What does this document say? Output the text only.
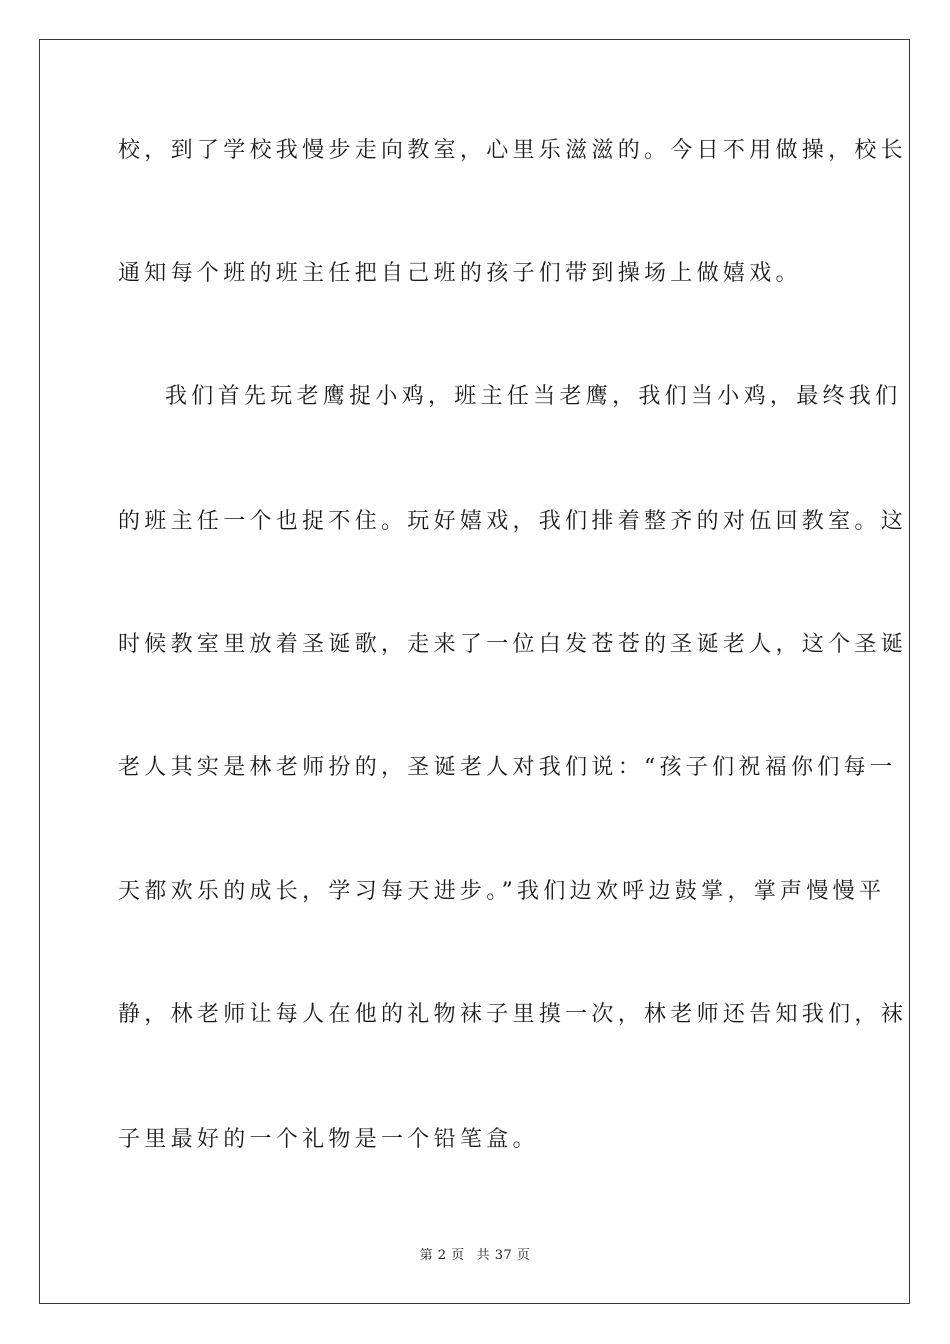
校，到了学校我慢步走向教室，心里乐滋滋的。今日不用做操，校长
通知每个班的班主任把自己班的孩子们带到操场上做嬉戏。
我们首先玩老鹰捉小鸡，班主任当老鹰，我们当小鸡，最终我们
的班主任一个也捉不住。玩好嬉戏，我们排着整齐的对伍回教室。这
时候教室里放着圣诞歌，走来了一位白发苍苍的圣诞老人，这个圣诞
老人其实是林老师扮的，圣诞老人对我们说：“孩子们祝福你们每一
天都欢乐的成长，学习每天进步。”我们边欢呼边鼓掌，掌声慢慢平
静，林老师让每人在他的礼物袜子里摸一次，林老师还告知我们，袜
子里最好的一个礼物是一个铅笔盒。
第 2 页 共 37 页
